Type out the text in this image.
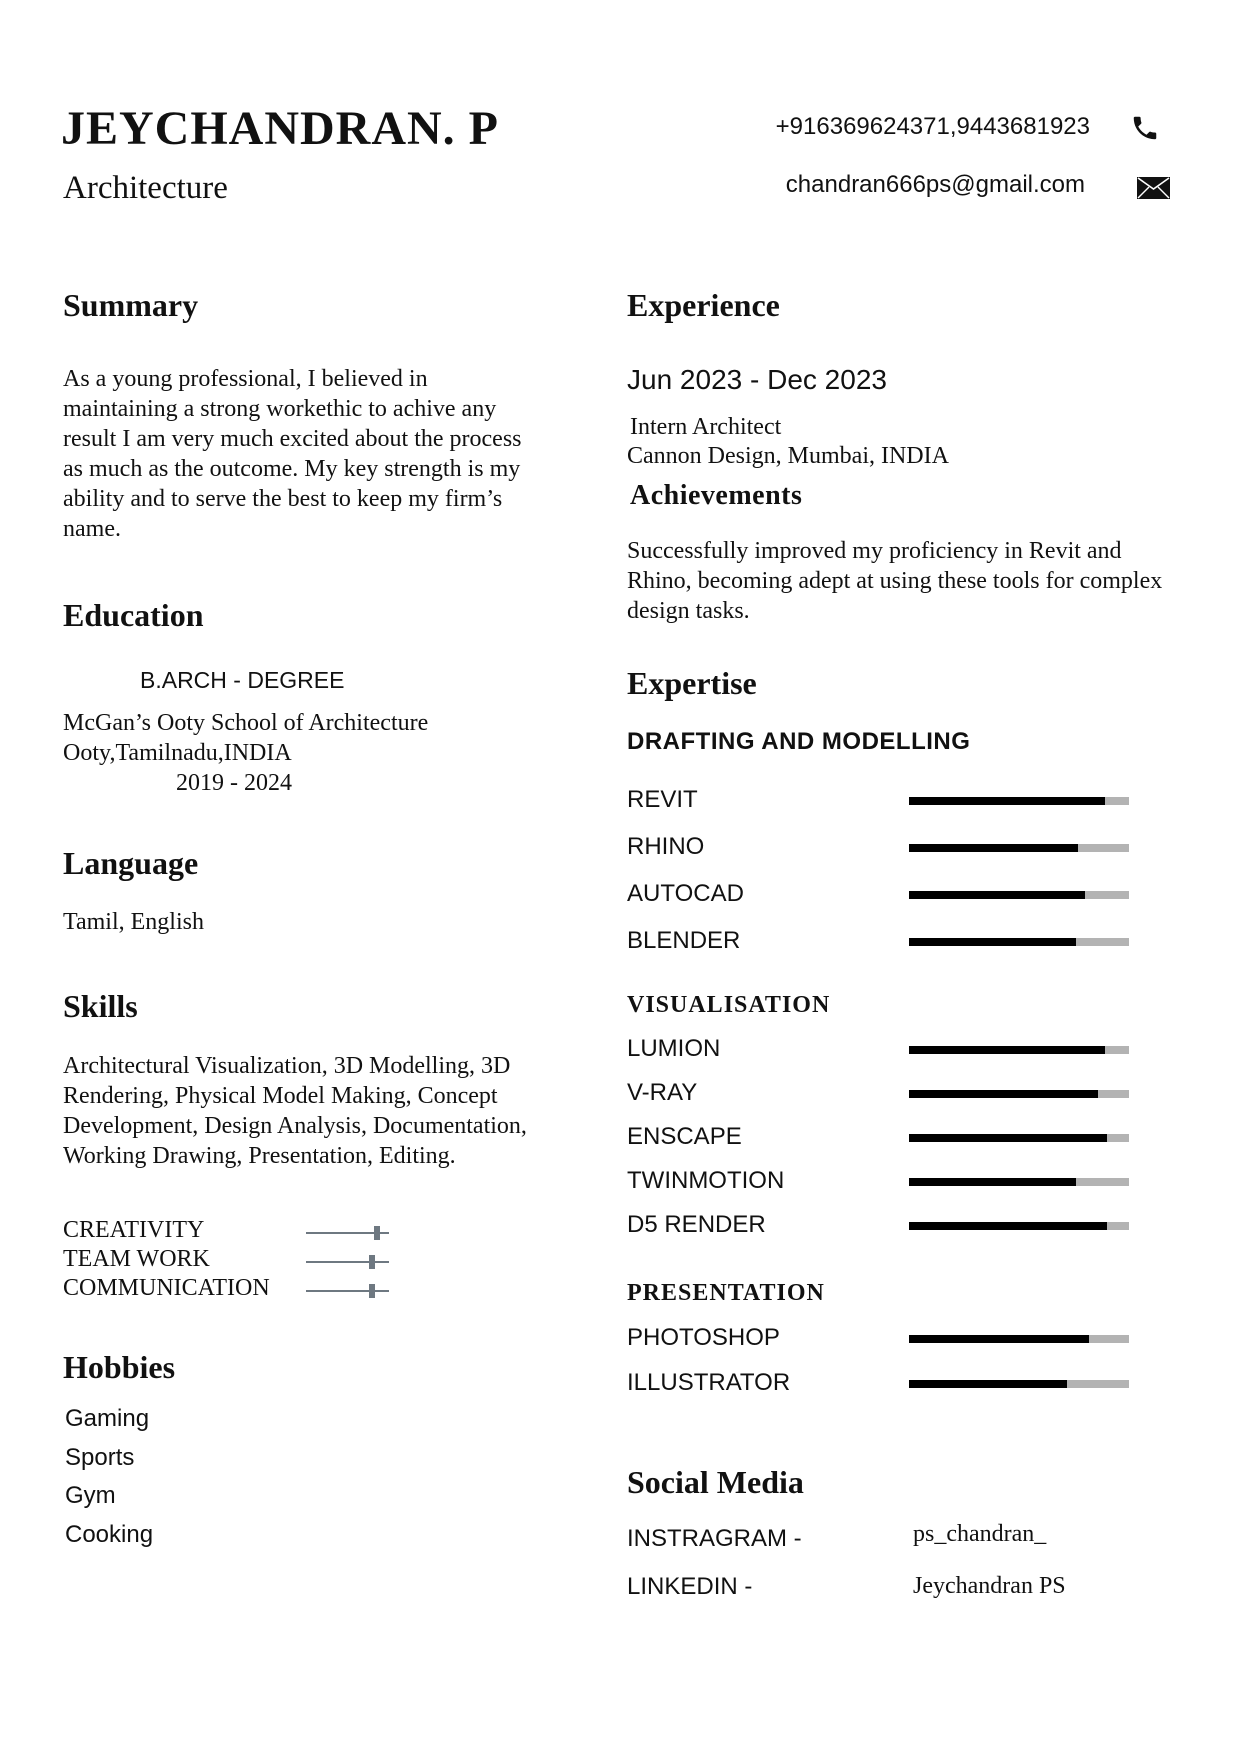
JEYCHANDRAN. P
Architecture
+916369624371,9443681923
chandran666ps@gmail.com
Summary
As a young professional, I believed in maintaining a strong workethic to achive any result I am very much excited about the process as much as the outcome. My key strength is my ability and to serve the best to keep my firm’s name.
Education
B.ARCH - DEGREE
McGan’s Ooty School of Architecture
Ooty,Tamilnadu,INDIA
2019 - 2024
Language
Tamil, English
Skills
Architectural Visualization, 3D Modelling, 3D Rendering, Physical Model Making, Concept Development, Design Analysis, Documentation, Working Drawing, Presentation, Editing.
CREATIVITY
TEAM WORK
COMMUNICATION
Hobbies
Gaming
Sports
Gym
Cooking
Experience
Jun 2023 - Dec 2023
Intern Architect
Cannon Design, Mumbai, INDIA
Achievements
Successfully improved my proficiency in Revit and Rhino, becoming adept at using these tools for complex design tasks.
Expertise
DRAFTING AND MODELLING
REVIT
RHINO
AUTOCAD
BLENDER
VISUALISATION
LUMION
V-RAY
ENSCAPE
TWINMOTION
D5 RENDER
PRESENTATION
PHOTOSHOP
ILLUSTRATOR
Social Media
INSTRAGRAM -	ps_chandran_
LINKEDIN -	Jeychandran PS
